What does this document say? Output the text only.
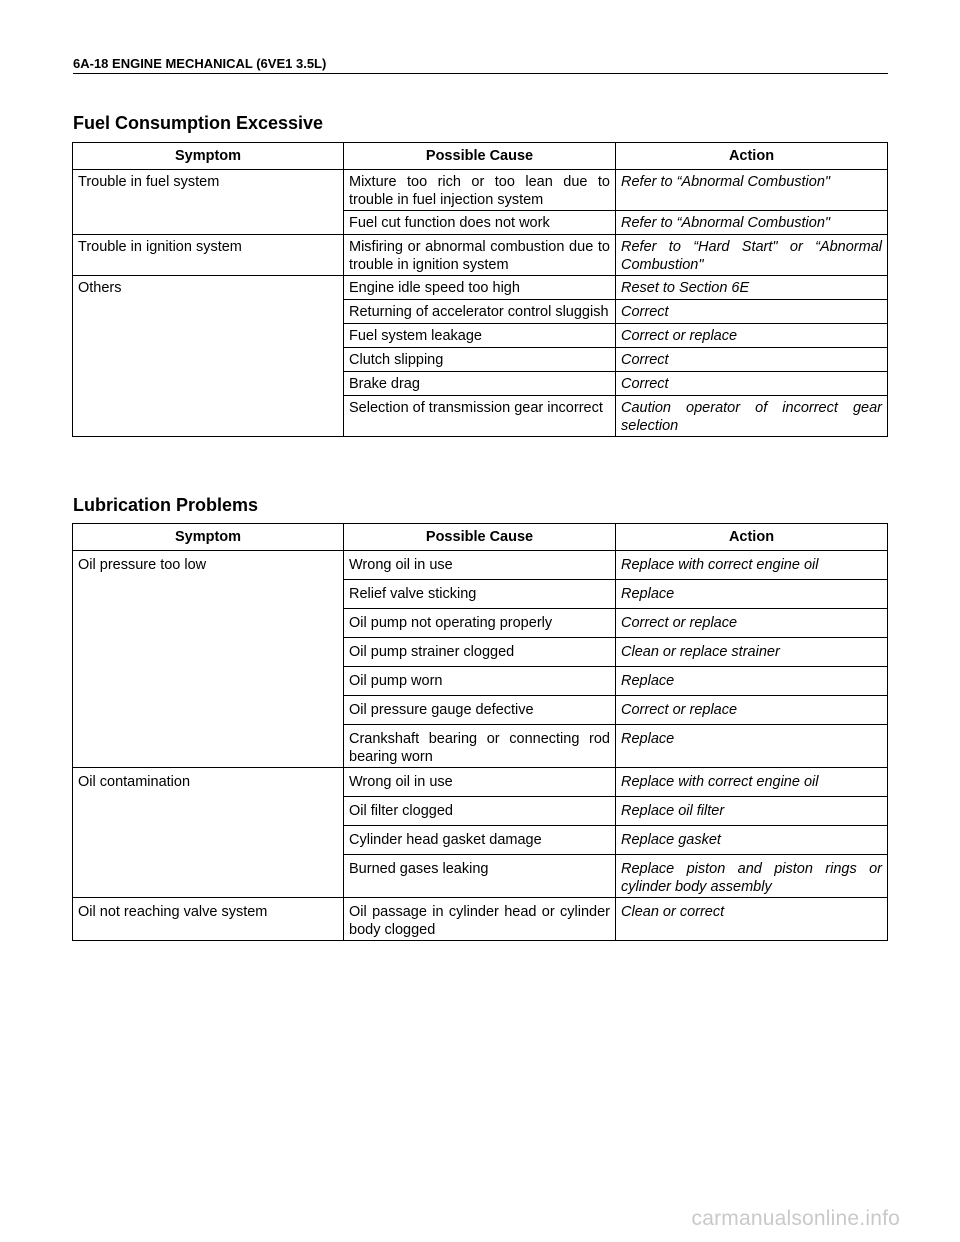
6A-18 ENGINE MECHANICAL (6VE1 3.5L)
Fuel Consumption Excessive
Symptom	Possible Cause	Action
Trouble in fuel system	Mixture too rich or too lean due to trouble in fuel injection system	Refer to “Abnormal Combustion"
	Fuel cut function does not work	Refer to “Abnormal Combustion"
Trouble in ignition system	Misfiring or abnormal combustion due to trouble in ignition system	Refer to “Hard Start" or “Abnormal Combustion"
Others	Engine idle speed too high	Reset to Section 6E
	Returning of accelerator control sluggish	Correct
	Fuel system leakage	Correct or replace
	Clutch slipping	Correct
	Brake drag	Correct
	Selection of transmission gear incorrect	Caution operator of incorrect gear selection
Lubrication Problems
Symptom	Possible Cause	Action
Oil pressure too low	Wrong oil in use	Replace with correct engine oil
	Relief valve sticking	Replace
	Oil pump not operating properly	Correct or replace
	Oil pump strainer clogged	Clean or replace strainer
	Oil pump worn	Replace
	Oil pressure gauge defective	Correct or replace
	Crankshaft bearing or connecting rod bearing worn	Replace
Oil contamination	Wrong oil in use	Replace with correct engine oil
	Oil filter clogged	Replace oil filter
	Cylinder head gasket damage	Replace gasket
	Burned gases leaking	Replace piston and piston rings or cylinder body assembly
Oil not reaching valve system	Oil passage in cylinder head or cylinder body clogged	Clean or correct
carmanualsonline.info
